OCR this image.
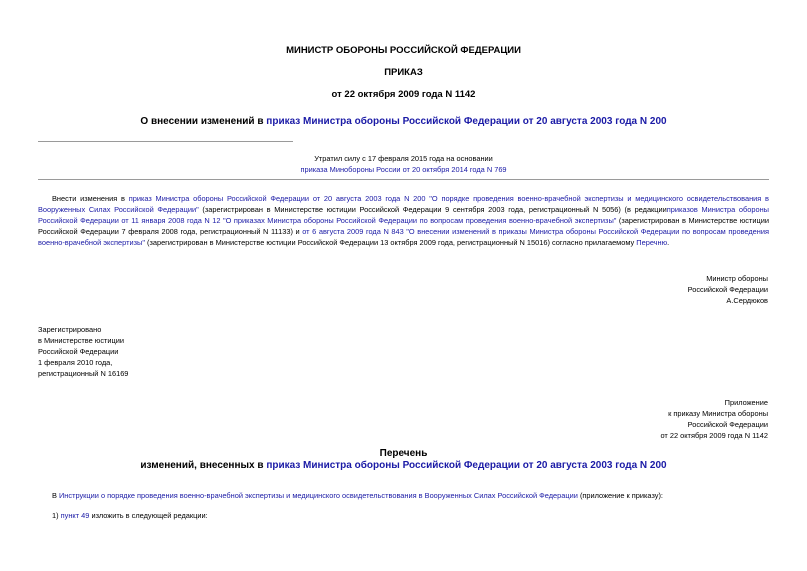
МИНИСТР ОБОРОНЫ РОССИЙСКОЙ ФЕДЕРАЦИИ
ПРИКАЗ
от 22 октября 2009 года N 1142
О внесении изменений в приказ Министра обороны Российской Федерации от 20 августа 2003 года N 200
Утратил силу с 17 февраля 2015 года на основании
приказа Минобороны России от 20 октября 2014 года N 769
Внести изменения в приказ Министра обороны Российской Федерации от 20 августа 2003 года N 200 "О порядке проведения военно-врачебной экспертизы и медицинского освидетельствования в Вооруженных Силах Российской Федерации" (зарегистрирован в Министерстве юстиции Российской Федерации 9 сентября 2003 года, регистрационный N 5056) (в редакцииприказов Министра обороны Российской Федерации от 11 января 2008 года N 12 "О приказах Министра обороны Российской Федерации по вопросам проведения военно-врачебной экспертизы" (зарегистрирован в Министерстве юстиции Российской Федерации 7 февраля 2008 года, регистрационный N 11133) и от 6 августа 2009 года N 843 "О внесении изменений в приказы Министра обороны Российской Федерации по вопросам проведения военно-врачебной экспертизы" (зарегистрирован в Министерстве юстиции Российской Федерации 13 октября 2009 года, регистрационный N 15016) согласно прилагаемому Перечню.
Министр обороны
Российской Федерации
А.Сердюков
Зарегистрировано
в Министерстве юстиции
Российской Федерации
1 февраля 2010 года,
регистрационный N 16169
Приложение
к приказу Министра обороны
Российской Федерации
от 22 октября 2009 года N 1142
Перечень
изменений, внесенных в приказ Министра обороны Российской Федерации от 20 августа 2003 года N 200
В Инструкции о порядке проведения военно-врачебной экспертизы и медицинского освидетельствования в Вооруженных Силах Российской Федерации (приложение к приказу):
1) пункт 49 изложить в следующей редакции:
